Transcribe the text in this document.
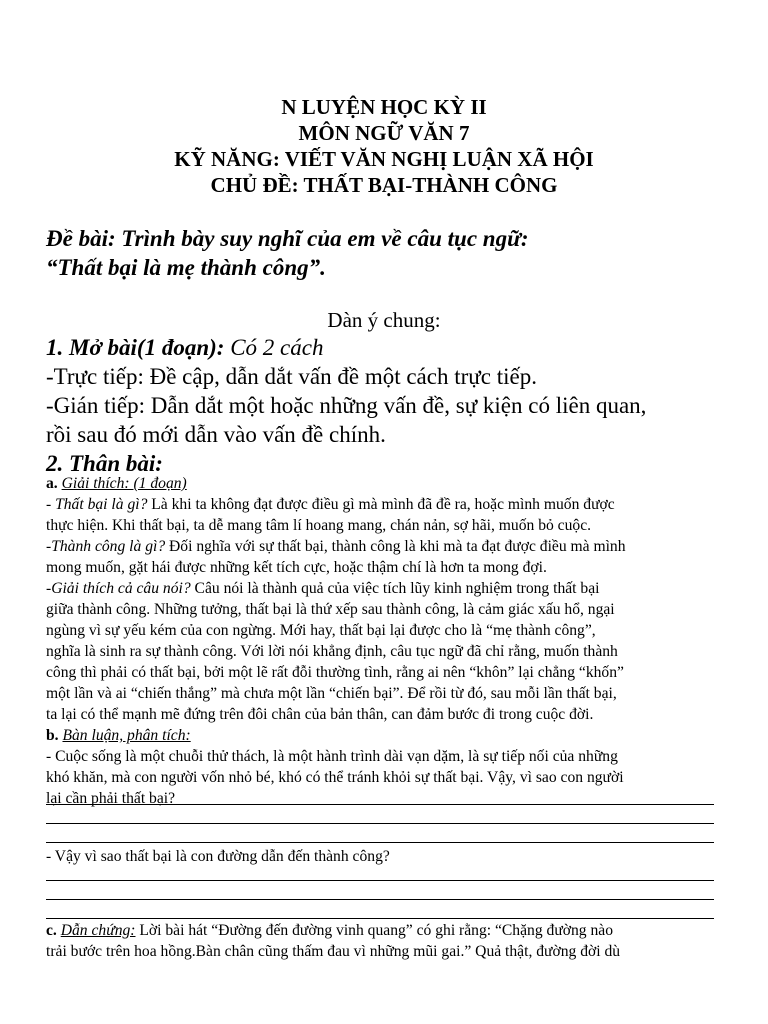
N LUYỆN HỌC KỲ II
MÔN NGỮ VĂN 7
KỸ NĂNG: VIẾT VĂN NGHỊ LUẬN XÃ HỘI
CHỦ ĐỀ: THẤT BẠI-THÀNH CÔNG
Đề bài: Trình bày suy nghĩ của em về câu tục ngữ:
“Thất bại là mẹ thành công”.
Dàn ý chung:
1. Mở bài(1 đoạn): Có 2 cách
-Trực tiếp: Đề cập, dẫn dắt vấn đề một cách trực tiếp.
-Gián tiếp: Dẫn dắt một hoặc những vấn đề, sự kiện có liên quan,
rồi sau đó mới dẫn vào vấn đề chính.
2. Thân bài:
a. Giải thích: (1 đoạn)
- Thất bại là gì? Là khi ta không đạt được điều gì mà mình đã đề ra, hoặc mình muốn được
thực hiện. Khi thất bại, ta dễ mang tâm lí hoang mang, chán nản, sợ hãi, muốn bỏ cuộc.
-Thành công là gì? Đối nghĩa với sự thất bại, thành công là khi mà ta đạt được điều mà mình
mong muốn, gặt hái được những kết tích cực, hoặc thậm chí là hơn ta mong đợi.
-Giải thích cả câu nói? Câu nói là thành quả của việc tích lũy kinh nghiệm trong thất bại
giữa thành công. Những tưởng, thất bại là thứ xếp sau thành công, là cảm giác xấu hổ, ngại
ngùng vì sự yếu kém của con ngừng. Mới hay, thất bại lại được cho là “mẹ thành công”,
nghĩa là sinh ra sự thành công. Với lời nói khẳng định, câu tục ngữ đã chỉ rằng, muốn thành
công thì phải có thất bại, bởi một lẽ rất đỗi thường tình, rằng ai nên “khôn” lại chẳng “khốn”
một lần và ai “chiến thắng” mà chưa một lần “chiến bại”. Để rồi từ đó, sau mỗi lần thất bại,
ta lại có thể mạnh mẽ đứng trên đôi chân của bản thân, can đảm bước đi trong cuộc đời.
b. Bàn luận, phân tích:
- Cuộc sống là một chuỗi thử thách, là một hành trình dài vạn dặm, là sự tiếp nối của những
khó khăn, mà con người vốn nhỏ bé, khó có thể tránh khỏi sự thất bại. Vậy, vì sao con người
lại cần phải thất bại?
- Vậy vì sao thất bại là con đường dẫn đến thành công?
c. Dẫn chứng: Lời bài hát “Đường đến đường vinh quang” có ghi rằng: “Chặng đường nào
trải bước trên hoa hồng.Bàn chân cũng thấm đau vì những mũi gai.” Quả thật, đường đời dù
